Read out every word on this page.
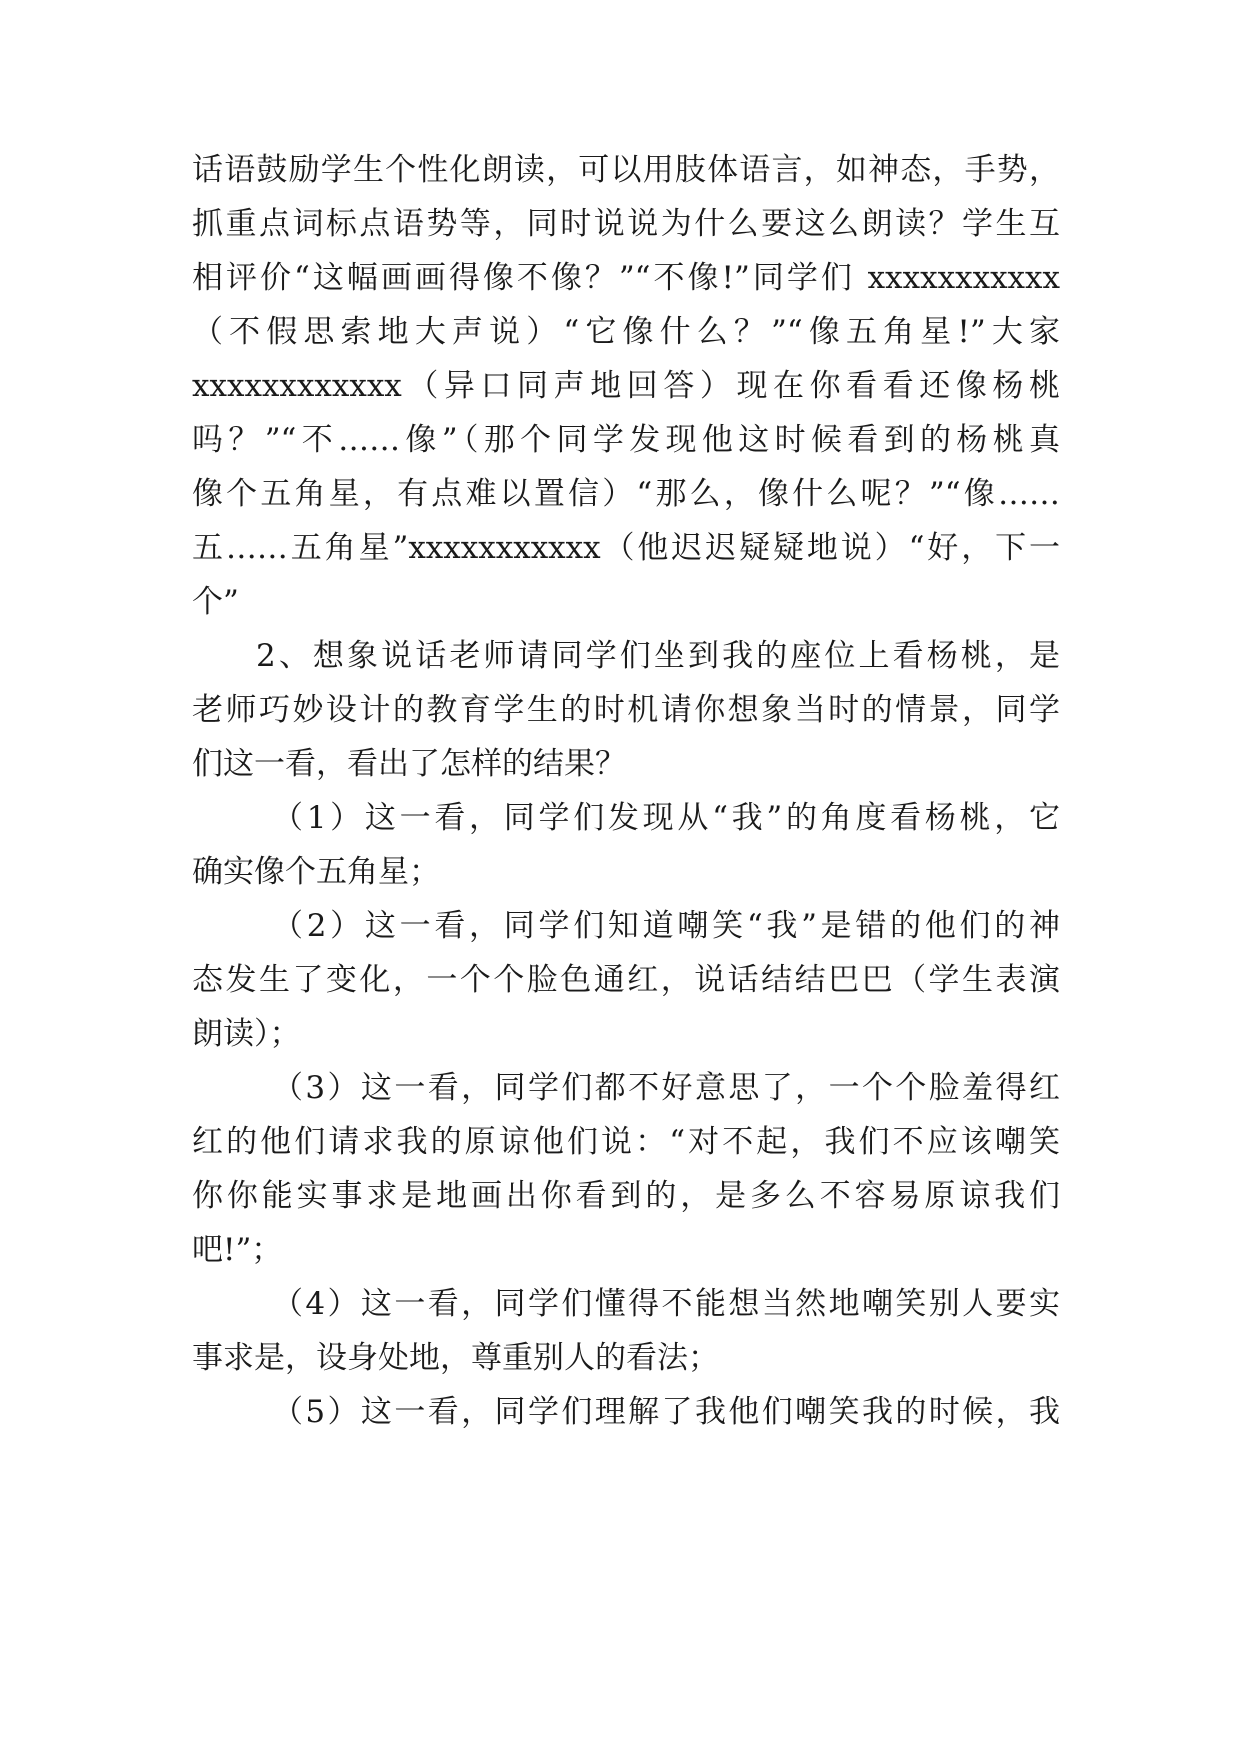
话语鼓励学生个性化朗读，可以用肢体语言，如神态，手势，
抓重点词标点语势等，同时说说为什么要这么朗读？学生互
相评价“这幅画画得像不像？”“不像!”同学们 xxxxxxxxxxx
（不假思索地大声说）“它像什么？”“像五角星!”大家
xxxxxxxxxxxx（异口同声地回答）现在你看看还像杨桃
吗？”“不……像”（那个同学发现他这时候看到的杨桃真
像个五角星，有点难以置信）“那么，像什么呢？”“像……
五……五角星”xxxxxxxxxxx（他迟迟疑疑地说）“好，下一
个”
2、想象说话老师请同学们坐到我的座位上看杨桃，是
老师巧妙设计的教育学生的时机请你想象当时的情景，同学
们这一看，看出了怎样的结果？
（1）这一看，同学们发现从“我”的角度看杨桃，它
确实像个五角星；
（2）这一看，同学们知道嘲笑“我”是错的他们的神
态发生了变化，一个个脸色通红，说话结结巴巴（学生表演
朗读）；
（3）这一看，同学们都不好意思了，一个个脸羞得红
红的他们请求我的原谅他们说：“对不起，我们不应该嘲笑
你你能实事求是地画出你看到的，是多么不容易原谅我们
吧!”；
（4）这一看，同学们懂得不能想当然地嘲笑别人要实
事求是，设身处地，尊重别人的看法；
（5）这一看，同学们理解了我他们嘲笑我的时候，我
